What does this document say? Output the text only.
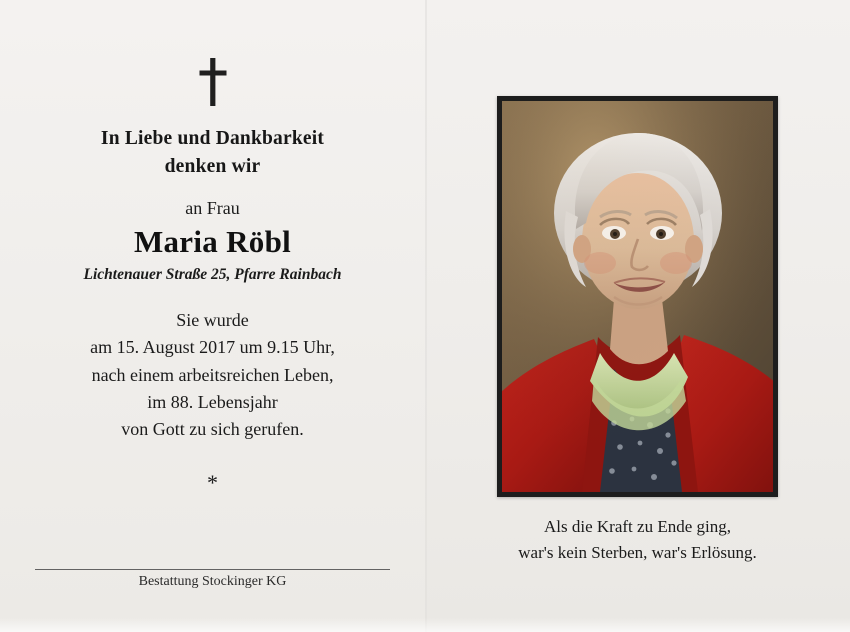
In Liebe und Dankbarkeit
denken wir
an Frau
Maria Röbl
Lichtenauer Straße 25, Pfarre Rainbach
Sie wurde
am 15. August 2017 um 9.15 Uhr,
nach einem arbeitsreichen Leben,
im 88. Lebensjahr
von Gott zu sich gerufen.
*
Bestattung Stockinger KG
Als die Kraft zu Ende ging,
war's kein Sterben, war's Erlösung.
